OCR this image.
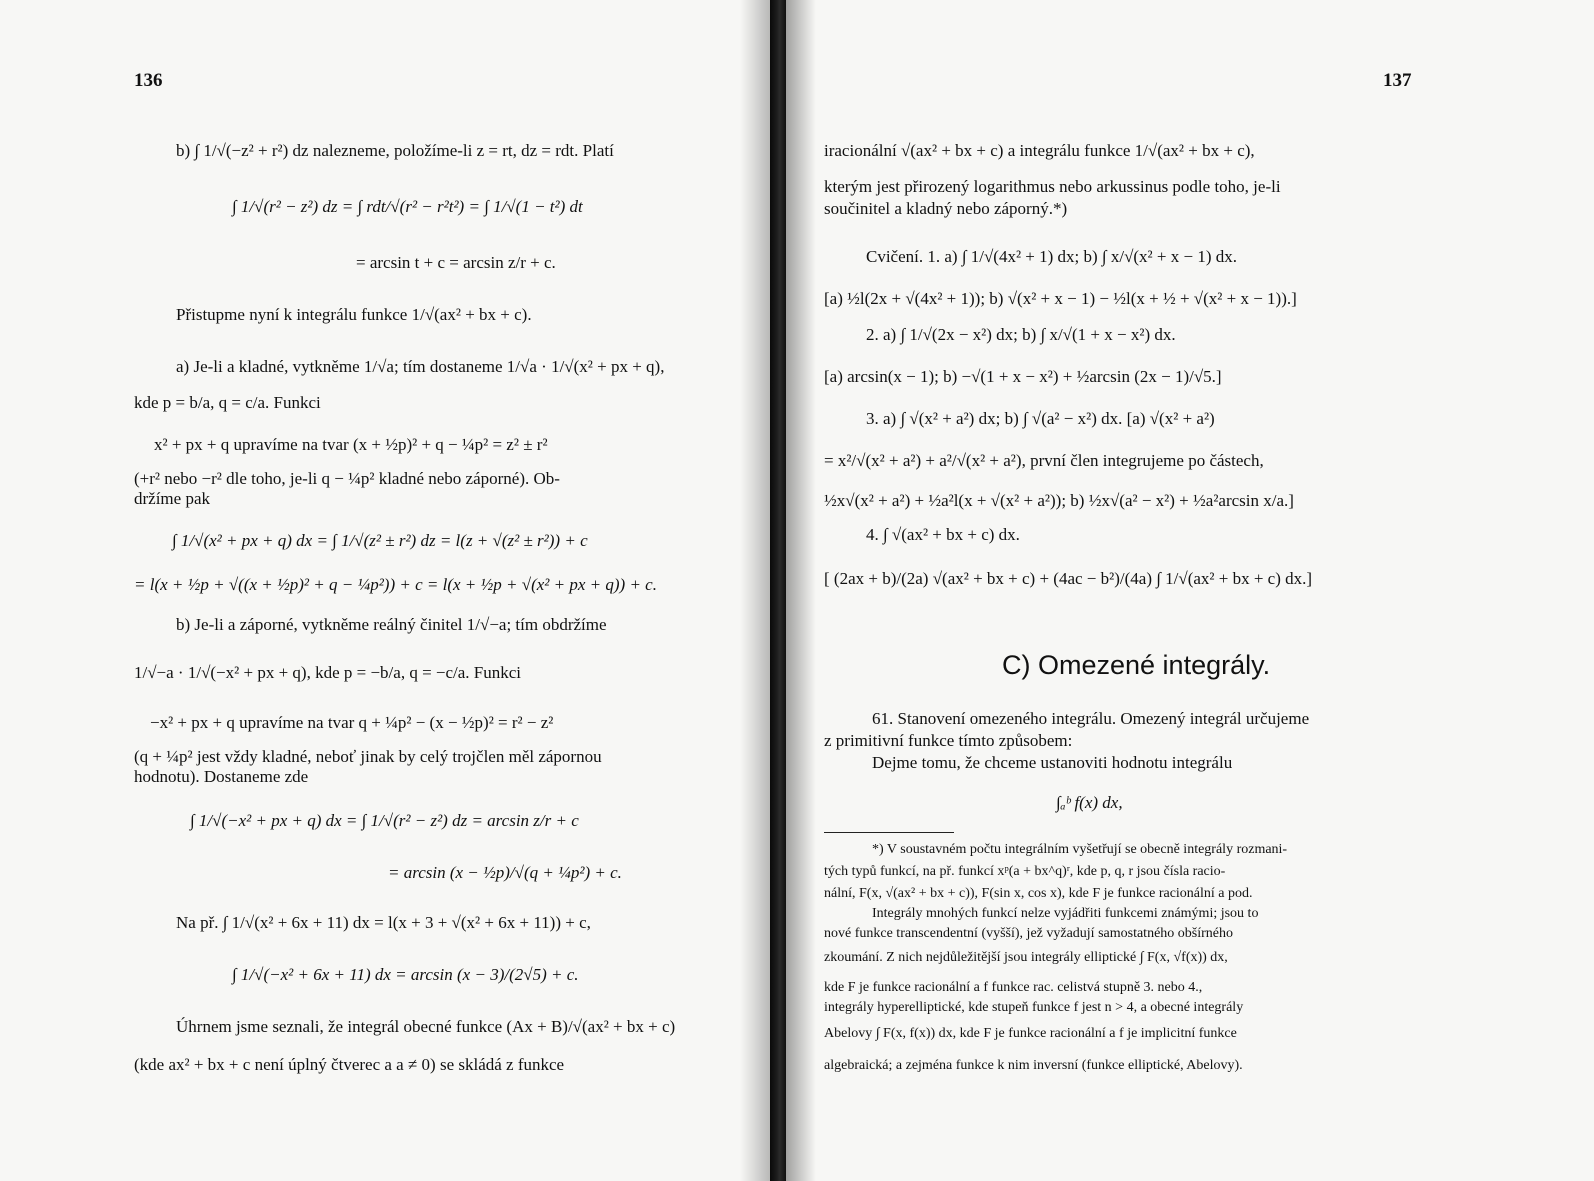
136
b) ∫ 1/√(−z² + r²) dz nalezneme, položíme-li z = rt, dz = rdt. Platí
∫ 1/√(r² − z²) dz = ∫ rdt/√(r² − r²t²) = ∫ 1/√(1 − t²) dt
= arcsin t + c = arcsin z/r + c.
Přistupme nyní k integrálu funkce 1/√(ax² + bx + c).
a) Je-li a kladné, vytkněme 1/√a; tím dostaneme 1/√a · 1/√(x² + px + q),
kde p = b/a, q = c/a. Funkci
x² + px + q upravíme na tvar (x + ½p)² + q − ¼p² = z² ± r²
(+r² nebo −r² dle toho, je-li q − ¼p² kladné nebo záporné). Ob-
držíme pak
∫ 1/√(x² + px + q) dx = ∫ 1/√(z² ± r²) dz = l(z + √(z² ± r²)) + c
= l(x + ½p + √((x + ½p)² + q − ¼p²)) + c = l(x + ½p + √(x² + px + q)) + c.
b) Je-li a záporné, vytkněme reálný činitel 1/√−a; tím obdržíme
1/√−a · 1/√(−x² + px + q), kde p = −b/a, q = −c/a. Funkci
−x² + px + q upravíme na tvar q + ¼p² − (x − ½p)² = r² − z²
(q + ¼p² jest vždy kladné, neboť jinak by celý trojčlen měl zápornou
hodnotu). Dostaneme zde
∫ 1/√(−x² + px + q) dx = ∫ 1/√(r² − z²) dz = arcsin z/r + c
= arcsin (x − ½p)/√(q + ¼p²) + c.
Na př. ∫ 1/√(x² + 6x + 11) dx = l(x + 3 + √(x² + 6x + 11)) + c,
∫ 1/√(−x² + 6x + 11) dx = arcsin (x − 3)/(2√5) + c.
Úhrnem jsme seznali, že integrál obecné funkce (Ax + B)/√(ax² + bx + c)
(kde ax² + bx + c není úplný čtverec a a ≠ 0) se skládá z funkce
137
iracionální √(ax² + bx + c) a integrálu funkce 1/√(ax² + bx + c),
kterým jest přirozený logarithmus nebo arkussinus podle toho, je-li
součinitel a kladný nebo záporný.*)
Cvičení. 1. a) ∫ 1/√(4x² + 1) dx; b) ∫ x/√(x² + x − 1) dx.
[a) ½l(2x + √(4x² + 1)); b) √(x² + x − 1) − ½l(x + ½ + √(x² + x − 1)).]
2. a) ∫ 1/√(2x − x²) dx; b) ∫ x/√(1 + x − x²) dx.
[a) arcsin(x − 1); b) −√(1 + x − x²) + ½arcsin (2x − 1)/√5.]
3. a) ∫ √(x² + a²) dx; b) ∫ √(a² − x²) dx. [a) √(x² + a²)
= x²/√(x² + a²) + a²/√(x² + a²), první člen integrujeme po částech,
½x√(x² + a²) + ½a²l(x + √(x² + a²)); b) ½x√(a² − x²) + ½a²arcsin x/a.]
4. ∫ √(ax² + bx + c) dx.
[ (2ax + b)/(2a) √(ax² + bx + c) + (4ac − b²)/(4a) ∫ 1/√(ax² + bx + c) dx.]
C) Omezené integrály.
61. Stanovení omezeného integrálu. Omezený integrál určujeme
z primitivní funkce tímto způsobem:
Dejme tomu, že chceme ustanoviti hodnotu integrálu
∫ₐᵇ f(x) dx,
*) V soustavném počtu integrálním vyšetřují se obecně integrály rozmani-
tých typů funkcí, na př. funkcí xᵖ(a + bx^q)ʳ, kde p, q, r jsou čísla racio-
nální, F(x, √(ax² + bx + c)), F(sin x, cos x), kde F je funkce racionální a pod.
Integrály mnohých funkcí nelze vyjádřiti funkcemi známými; jsou to
nové funkce transcendentní (vyšší), jež vyžadují samostatného obšírného
zkoumání. Z nich nejdůležitější jsou integrály elliptické ∫ F(x, √f(x)) dx,
kde F je funkce racionální a f funkce rac. celistvá stupně 3. nebo 4.,
integrály hyperelliptické, kde stupeň funkce f jest n > 4, a obecné integrály
Abelovy ∫ F(x, f(x)) dx, kde F je funkce racionální a f je implicitní funkce
algebraická; a zejména funkce k nim inversní (funkce elliptické, Abelovy).
